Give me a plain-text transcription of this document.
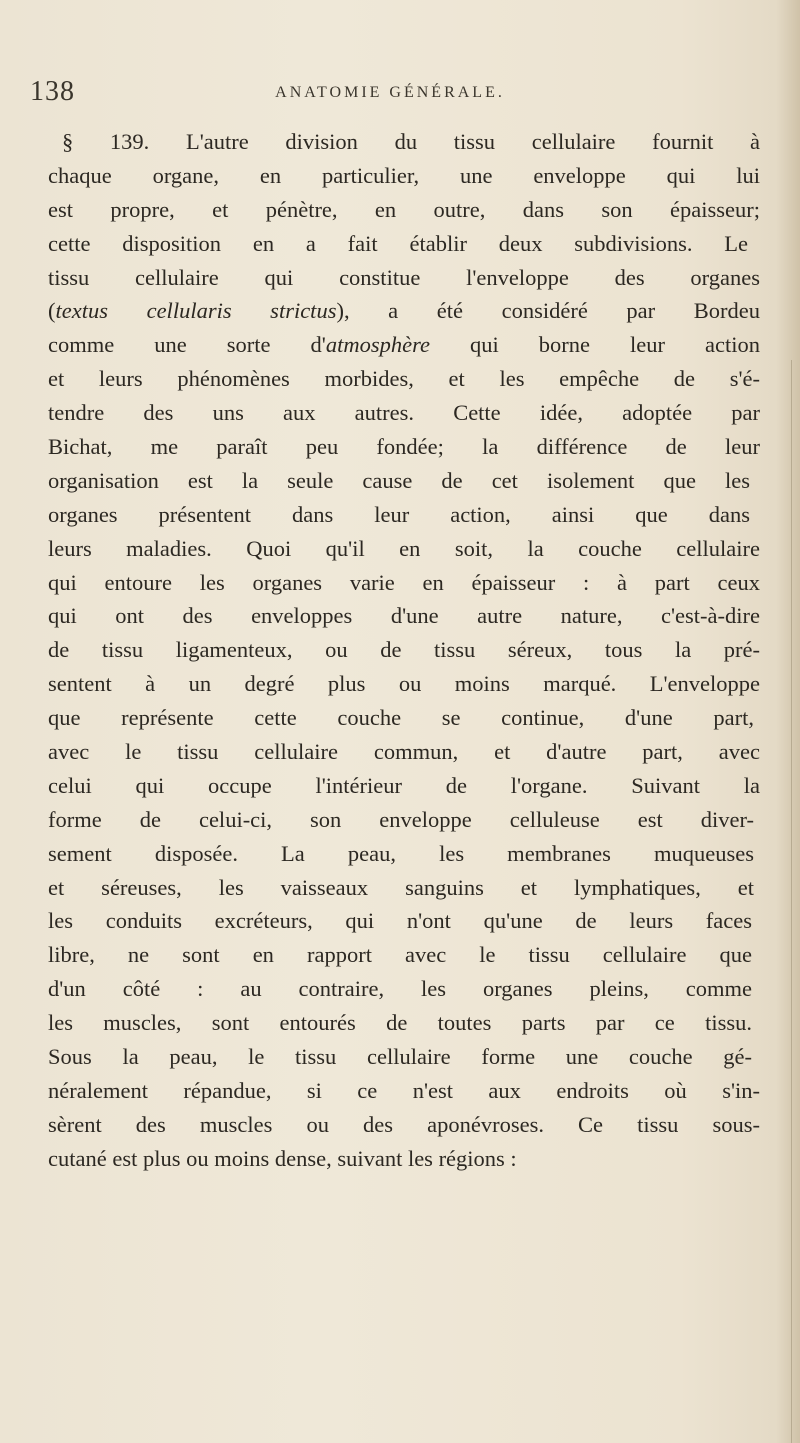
138	ANATOMIE GÉNÉRALE.
§ 139. L'autre division du tissu cellulaire fournit à
chaque organe, en particulier, une enveloppe qui lui
est propre, et pénètre, en outre, dans son épaisseur;
cette disposition en a fait établir deux subdivisions. Le
tissu cellulaire qui constitue l'enveloppe des organes
(textus cellularis strictus), a été considéré par Bordeu
comme une sorte d'atmosphère qui borne leur action
et leurs phénomènes morbides, et les empêche de s'é-
tendre des uns aux autres. Cette idée, adoptée par
Bichat, me paraît peu fondée; la différence de leur
organisation est la seule cause de cet isolement que les
organes présentent dans leur action, ainsi que dans
leurs maladies. Quoi qu'il en soit, la couche cellulaire
qui entoure les organes varie en épaisseur : à part ceux
qui ont des enveloppes d'une autre nature, c'est-à-dire
de tissu ligamenteux, ou de tissu séreux, tous la pré-
sentent à un degré plus ou moins marqué. L'enveloppe
que représente cette couche se continue, d'une part,
avec le tissu cellulaire commun, et d'autre part, avec
celui qui occupe l'intérieur de l'organe. Suivant la
forme de celui-ci, son enveloppe celluleuse est diver-
sement disposée. La peau, les membranes muqueuses
et séreuses, les vaisseaux sanguins et lymphatiques, et
les conduits excréteurs, qui n'ont qu'une de leurs faces
libre, ne sont en rapport avec le tissu cellulaire que
d'un côté : au contraire, les organes pleins, comme
les muscles, sont entourés de toutes parts par ce tissu.
Sous la peau, le tissu cellulaire forme une couche gé-
néralement répandue, si ce n'est aux endroits où s'in-
sèrent des muscles ou des aponévroses. Ce tissu sous-
cutané est plus ou moins dense, suivant les régions :
